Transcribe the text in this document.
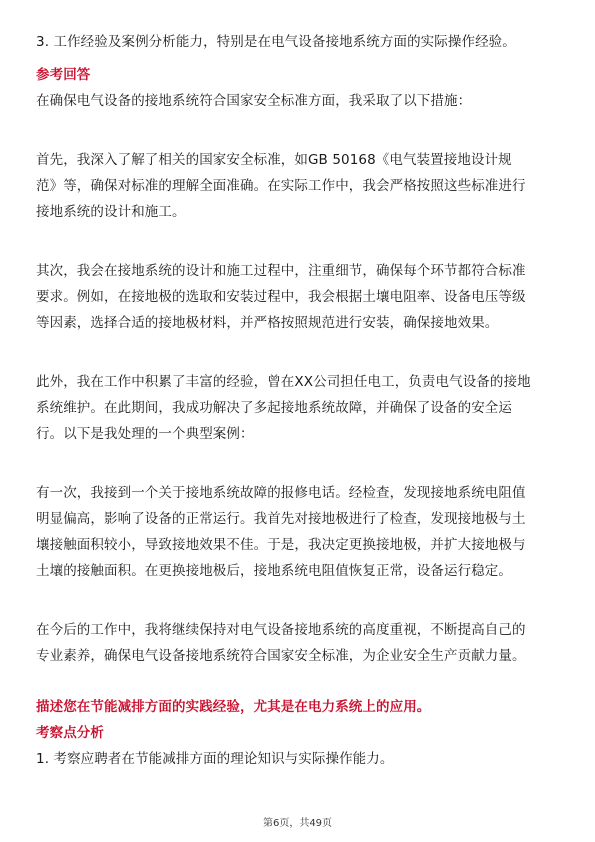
3. 工作经验及案例分析能力，特别是在电气设备接地系统方面的实际操作经验。
参考回答
在确保电气设备的接地系统符合国家安全标准方面，我采取了以下措施：
首先，我深入了解了相关的国家安全标准，如GB 50168《电气装置接地设计规
范》等，确保对标准的理解全面准确。在实际工作中，我会严格按照这些标准进行
接地系统的设计和施工。
其次，我会在接地系统的设计和施工过程中，注重细节，确保每个环节都符合标准
要求。例如，在接地极的选取和安装过程中，我会根据土壤电阻率、设备电压等级
等因素，选择合适的接地极材料，并严格按照规范进行安装，确保接地效果。
此外，我在工作中积累了丰富的经验，曾在XX公司担任电工，负责电气设备的接地
系统维护。在此期间，我成功解决了多起接地系统故障，并确保了设备的安全运
行。以下是我处理的一个典型案例：
有一次，我接到一个关于接地系统故障的报修电话。经检查，发现接地系统电阻值
明显偏高，影响了设备的正常运行。我首先对接地极进行了检查，发现接地极与土
壤接触面积较小，导致接地效果不佳。于是，我决定更换接地极，并扩大接地极与
土壤的接触面积。在更换接地极后，接地系统电阻值恢复正常，设备运行稳定。
在今后的工作中，我将继续保持对电气设备接地系统的高度重视，不断提高自己的
专业素养，确保电气设备接地系统符合国家安全标准，为企业安全生产贡献力量。
描述您在节能减排方面的实践经验，尤其是在电力系统上的应用。
考察点分析
1. 考察应聘者在节能减排方面的理论知识与实际操作能力。
第6页，共49页
